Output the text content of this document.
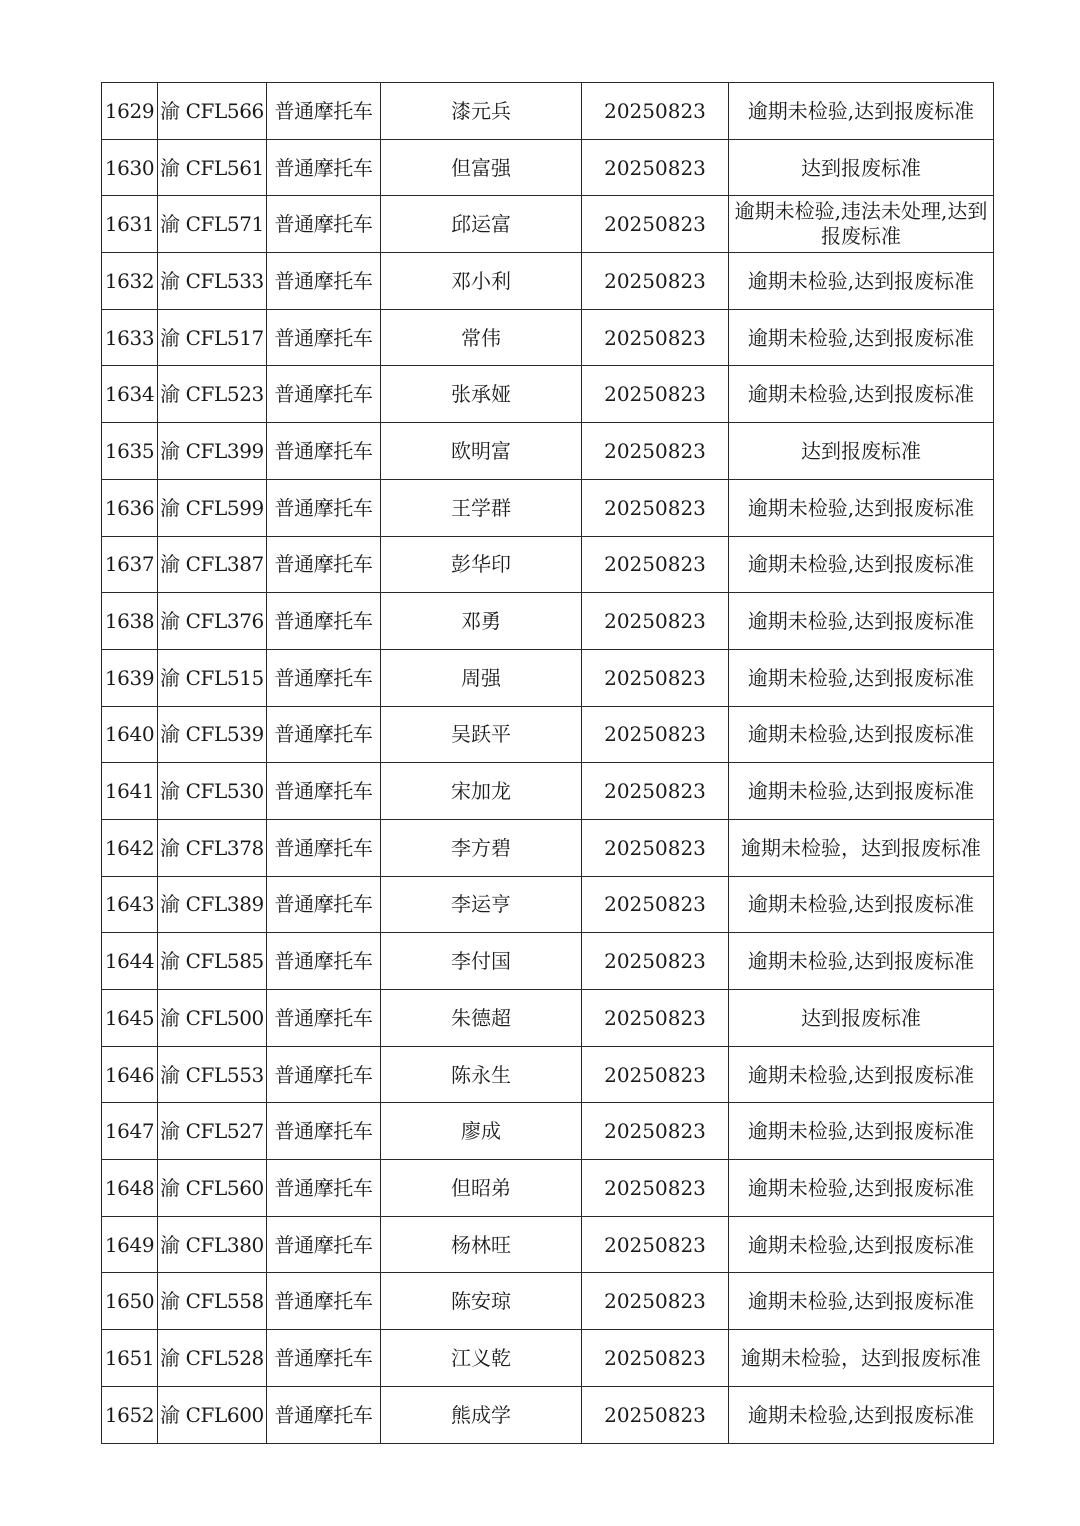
1629	渝 CFL566	普通摩托车	漆元兵	20250823	逾期未检验,达到报废标准
1630	渝 CFL561	普通摩托车	但富强	20250823	达到报废标准
1631	渝 CFL571	普通摩托车	邱运富	20250823	逾期未检验,违法未处理,达到报废标准
1632	渝 CFL533	普通摩托车	邓小利	20250823	逾期未检验,达到报废标准
1633	渝 CFL517	普通摩托车	常伟	20250823	逾期未检验,达到报废标准
1634	渝 CFL523	普通摩托车	张承娅	20250823	逾期未检验,达到报废标准
1635	渝 CFL399	普通摩托车	欧明富	20250823	达到报废标准
1636	渝 CFL599	普通摩托车	王学群	20250823	逾期未检验,达到报废标准
1637	渝 CFL387	普通摩托车	彭华印	20250823	逾期未检验,达到报废标准
1638	渝 CFL376	普通摩托车	邓勇	20250823	逾期未检验,达到报废标准
1639	渝 CFL515	普通摩托车	周强	20250823	逾期未检验,达到报废标准
1640	渝 CFL539	普通摩托车	吴跃平	20250823	逾期未检验,达到报废标准
1641	渝 CFL530	普通摩托车	宋加龙	20250823	逾期未检验,达到报废标准
1642	渝 CFL378	普通摩托车	李方碧	20250823	逾期未检验，达到报废标准
1643	渝 CFL389	普通摩托车	李运亨	20250823	逾期未检验,达到报废标准
1644	渝 CFL585	普通摩托车	李付国	20250823	逾期未检验,达到报废标准
1645	渝 CFL500	普通摩托车	朱德超	20250823	达到报废标准
1646	渝 CFL553	普通摩托车	陈永生	20250823	逾期未检验,达到报废标准
1647	渝 CFL527	普通摩托车	廖成	20250823	逾期未检验,达到报废标准
1648	渝 CFL560	普通摩托车	但昭弟	20250823	逾期未检验,达到报废标准
1649	渝 CFL380	普通摩托车	杨林旺	20250823	逾期未检验,达到报废标准
1650	渝 CFL558	普通摩托车	陈安琼	20250823	逾期未检验,达到报废标准
1651	渝 CFL528	普通摩托车	江义乾	20250823	逾期未检验，达到报废标准
1652	渝 CFL600	普通摩托车	熊成学	20250823	逾期未检验,达到报废标准
